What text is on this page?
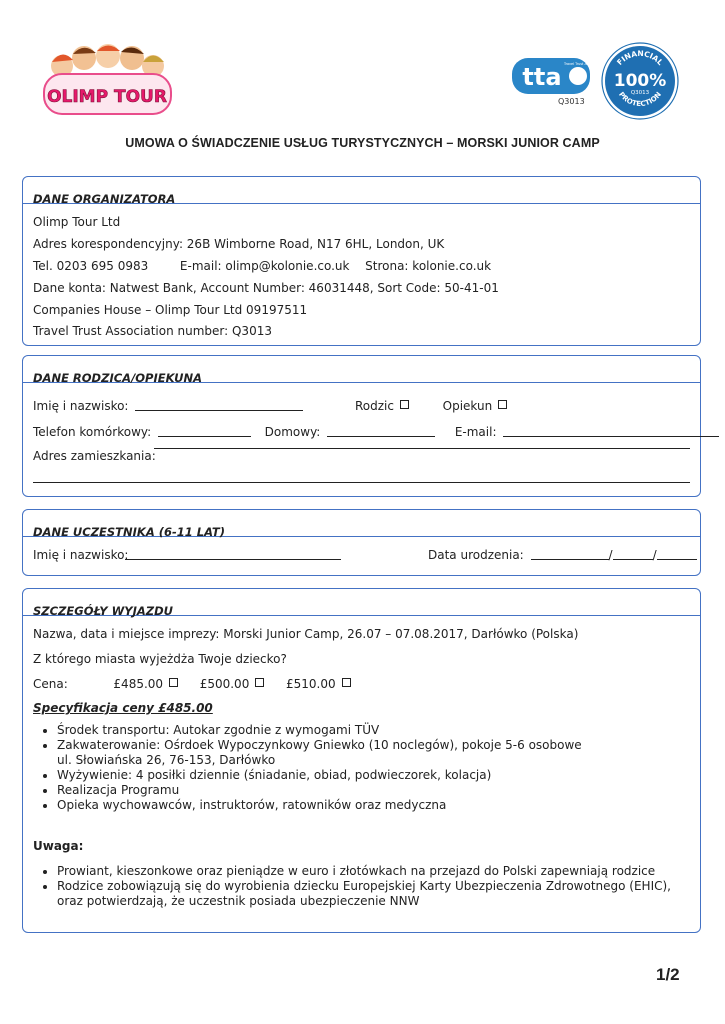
OLIMP TOUR
tta Travel Trust Association
Q3013
FINANCIAL
100%
Q3013
PROTECTION
UMOWA O ŚWIADCZENIE USŁUG TURYSTYCZNYCH – MORSKI JUNIOR CAMP
DANE ORGANIZATORA
Olimp Tour Ltd
Adres korespondencyjny: 26B Wimborne Road, N17 6HL, London, UK
Tel. 0203 695 0983	E-mail: olimp@kolonie.co.uk Strona: kolonie.co.uk
Dane konta: Natwest Bank, Account Number: 46031448, Sort Code: 50-41-01
Companies House – Olimp Tour Ltd 09197511
Travel Trust Association number: Q3013
DANE RODZICA/OPIEKUNA
Imię i nazwisko:	Rodzic	Opiekun
Telefon komórkowy:	Domowy:	E-mail:
Adres zamieszkania:
DANE UCZESTNIKA (6-11 LAT)
Imię i nazwisko:	Data urodzenia:	/	/
SZCZEGÓŁY WYJAZDU
Nazwa, data i miejsce imprezy: Morski Junior Camp, 26.07 – 07.08.2017, Darłówko (Polska)
Z którego miasta wyjeżdża Twoje dziecko?
Cena:	£485.00	£500.00	£510.00
Specyfikacja ceny £485.00
• Środek transportu: Autokar zgodnie z wymogami TÜV
• Zakwaterowanie: Ośrdoek Wypoczynkowy Gniewko (10 noclegów), pokoje 5-6 osobowe
ul. Słowiańska 26, 76-153, Darłówko
• Wyżywienie: 4 posiłki dziennie (śniadanie, obiad, podwieczorek, kolacja)
• Realizacja Programu
• Opieka wychowawców, instruktorów, ratowników oraz medyczna
Uwaga:
• Prowiant, kieszonkowe oraz pieniądze w euro i złotówkach na przejazd do Polski zapewniają rodzice
• Rodzice zobowiązują się do wyrobienia dziecku Europejskiej Karty Ubezpieczenia Zdrowotnego (EHIC), oraz potwierdzają, że uczestnik posiada ubezpieczenie NNW
1/2
